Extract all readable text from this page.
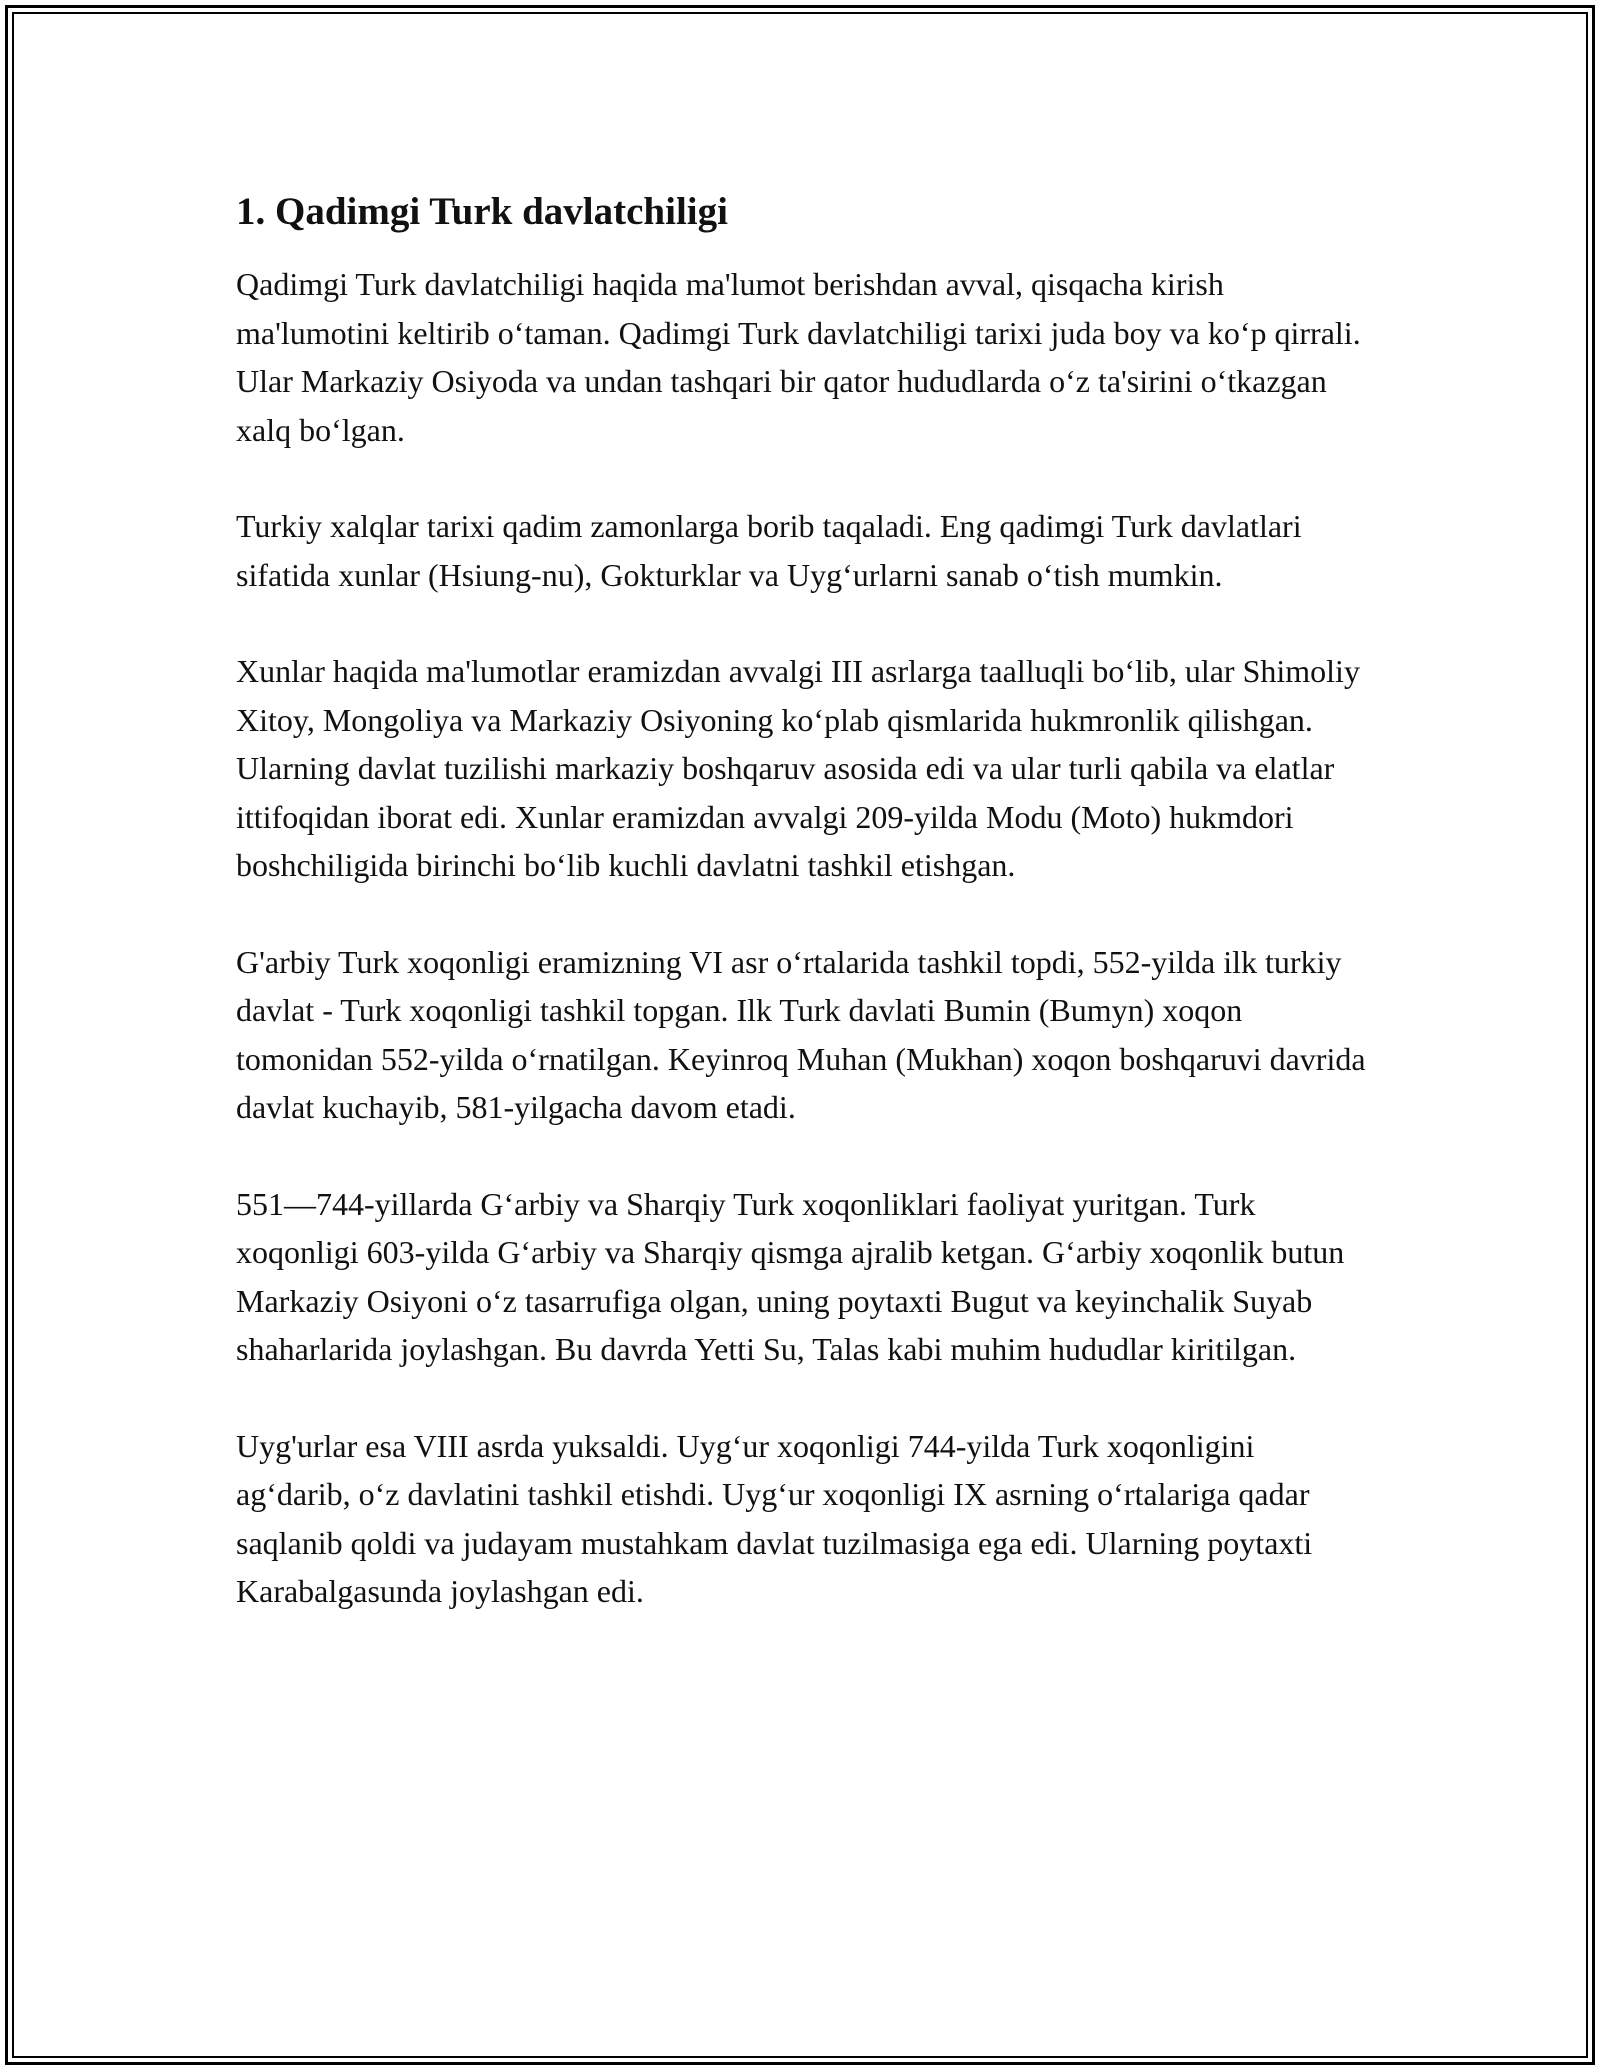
1. Qadimgi Turk davlatchiligi

Qadimgi Turk davlatchiligi haqida ma'lumot berishdan avval, qisqacha kirish ma'lumotini keltirib o‘taman. Qadimgi Turk davlatchiligi tarixi juda boy va ko‘p qirrali. Ular Markaziy Osiyoda va undan tashqari bir qator hududlarda o‘z ta'sirini o‘tkazgan xalq bo‘lgan.

Turkiy xalqlar tarixi qadim zamonlarga borib taqaladi. Eng qadimgi Turk davlatlari sifatida xunlar (Hsiung-nu), Gokturklar va Uyg‘urlarni sanab o‘tish mumkin.

Xunlar haqida ma'lumotlar eramizdan avvalgi III asrlarga taalluqli bo‘lib, ular Shimoliy Xitoy, Mongoliya va Markaziy Osiyoning ko‘plab qismlarida hukmronlik qilishgan. Ularning davlat tuzilishi markaziy boshqaruv asosida edi va ular turli qabila va elatlar ittifoqidan iborat edi. Xunlar eramizdan avvalgi 209-yilda Modu (Moto) hukmdori boshchiligida birinchi bo‘lib kuchli davlatni tashkil etishgan.

G'arbiy Turk xoqonligi eramizning VI asr o‘rtalarida tashkil topdi, 552-yilda ilk turkiy davlat - Turk xoqonligi tashkil topgan. Ilk Turk davlati Bumin (Bumyn) xoqon tomonidan 552-yilda o‘rnatilgan. Keyinroq Muhan (Mukhan) xoqon boshqaruvi davrida davlat kuchayib, 581-yilgacha davom etadi.

551—744-yillarda G‘arbiy va Sharqiy Turk xoqonliklari faoliyat yuritgan. Turk xoqonligi 603-yilda G‘arbiy va Sharqiy qismga ajralib ketgan. G‘arbiy xoqonlik butun Markaziy Osiyoni o‘z tasarrufiga olgan, uning poytaxti Bugut va keyinchalik Suyab shaharlarida joylashgan. Bu davrda Yetti Su, Talas kabi muhim hududlar kiritilgan.

Uyg'urlar esa VIII asrda yuksaldi. Uyg‘ur xoqonligi 744-yilda Turk xoqonligini ag‘darib, o‘z davlatini tashkil etishdi. Uyg‘ur xoqonligi IX asrning o‘rtalariga qadar saqlanib qoldi va judayam mustahkam davlat tuzilmasiga ega edi. Ularning poytaxti Karabalgasunda joylashgan edi.
